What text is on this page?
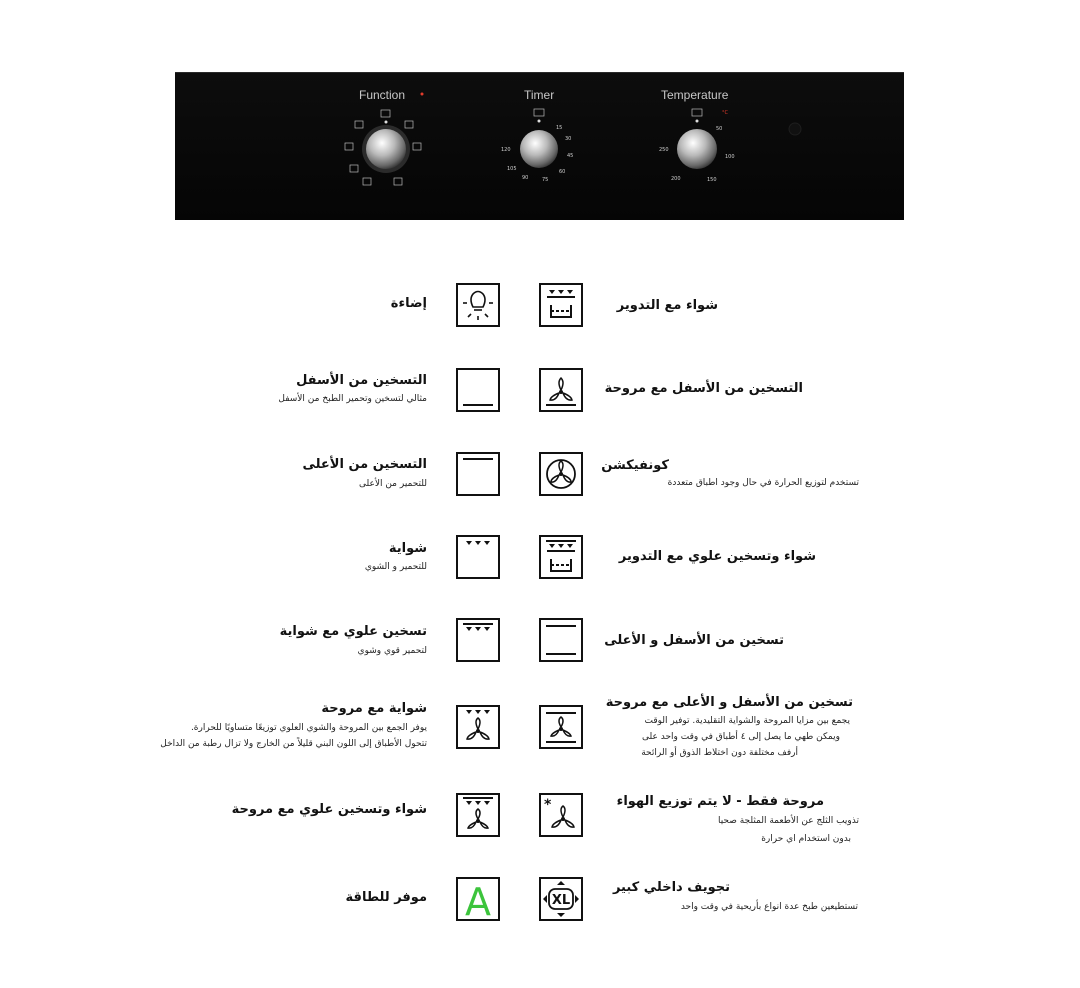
15
30
45
60
75
90
105
120
50
100
150
200
250
°C
Function	Timer	Temperature
شواء مع التدوير
إضاءة
التسخين من الأسفل مع مروحة
التسخين من الأسفل
مثالي لتسخين وتحمير الطبخ من الأسفل
كونفيكشن
تستخدم لتوزيع الحرارة في حال وجود اطباق متعددة
التسخين من الأعلى
للتحمير من الأعلى
شواء وتسخين علوي مع التدوير
شواية
للتحمير و الشوي
تسخين من الأسفل و الأعلى
تسخين علوي مع شواية
لتحمير قوي وشوي
تسخين من الأسفل و الأعلى مع مروحة
يجمع بين مزايا المروحة والشواية التقليدية. توفير الوقت
ويمكن طهي ما يصل إلى ٤ أطباق في وقت واحد على
أرفف مختلفة دون اختلاط الذوق أو الرائحة
شواية مع مروحة
يوفر الجمع بين المروحة والشوي العلوي توزيعًا متساويًا للحرارة.
تتحول الأطباق إلى اللون البني قليلاً من الخارج ولا تزال رطبة من الداخل
*	مروحة فقط - لا يتم توزيع الهواء
تذويب الثلج عن الأطعمة المثلجة صحيا
بدون استخدام اي حرارة
شواء وتسخين علوي مع مروحة
XL
تجويف داخلي كبير
تستطيعين طبخ عدة انواع بأريحية في وقت واحد
A
موفر للطاقة
